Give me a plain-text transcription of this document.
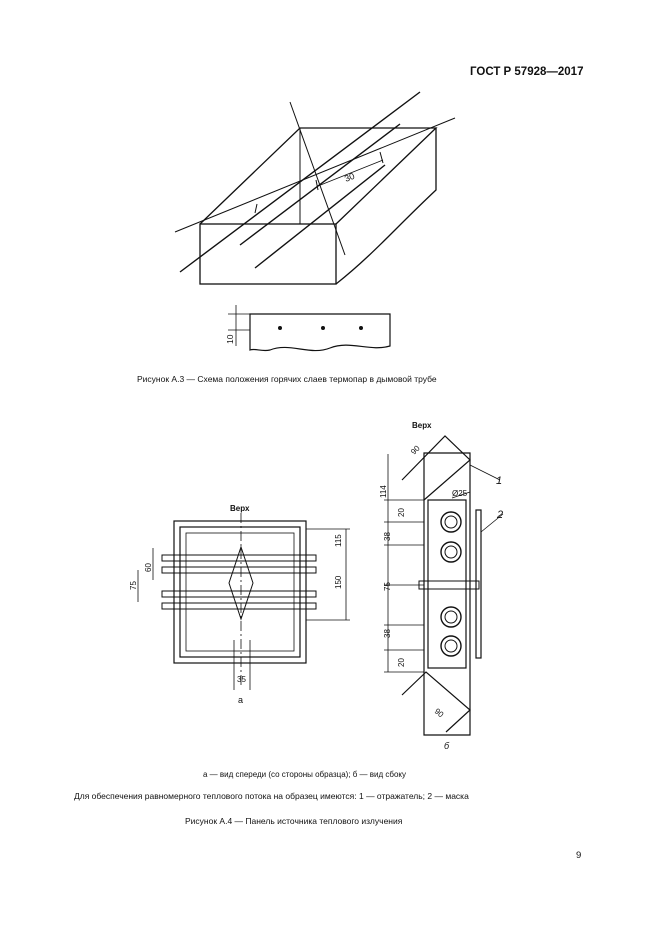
ГОСТ Р 57928—2017
30
10
Верх
а
35
115
150
60
75
Верх
б
90
114
20
Ø25
38
75
38
20
90
1
2
Рисунок А.3 — Схема положения горячих слаев термопар в дымовой трубе
а — вид спереди (со стороны образца); б — вид сбоку
Для обеспечения равномерного теплового потока на образец имеются: 1 — отражатель; 2 — маска
Рисунок А.4 — Панель источника теплового излучения
9
